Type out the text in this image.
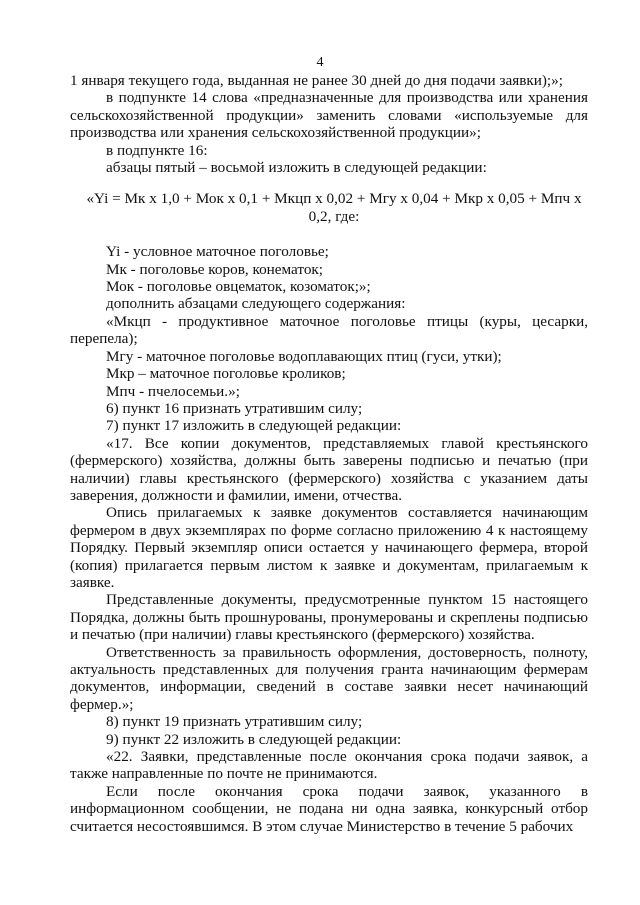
4

1 января текущего года, выданная не ранее 30 дней до дня подачи заявки);»;

в подпункте 14 слова «предназначенные для производства или хранения сельскохозяйственной продукции» заменить словами «используемые для производства или хранения сельскохозяйственной продукции»;

в подпункте 16:

абзацы пятый – восьмой изложить в следующей редакции:

«Yi = Мк x 1,0 + Мок x 0,1 + Мкцп x 0,02 + Мгу x 0,04 + Мкр x 0,05 + Мпч x 0,2, где:

Yi - условное маточное поголовье;

Мк - поголовье коров, конематок;

Мок - поголовье овцематок, козоматок;»;

дополнить абзацами следующего содержания:

«Мкцп - продуктивное маточное поголовье птицы (куры, цесарки, перепела);

Мгу - маточное поголовье водоплавающих птиц (гуси, утки);

Мкр – маточное поголовье кроликов;

Мпч - пчелосемьи.»;

6) пункт 16 признать утратившим силу;

7) пункт 17 изложить в следующей редакции:

«17. Все копии документов, представляемых главой крестьянского (фермерского) хозяйства, должны быть заверены подписью и печатью (при наличии) главы крестьянского (фермерского) хозяйства с указанием даты заверения, должности и фамилии, имени, отчества.

Опись прилагаемых к заявке документов составляется начинающим фермером в двух экземплярах по форме согласно приложению 4 к настоящему Порядку. Первый экземпляр описи остается у начинающего фермера, второй (копия) прилагается первым листом к заявке и документам, прилагаемым к заявке.

Представленные документы, предусмотренные пунктом 15 настоящего Порядка, должны быть прошнурованы, пронумерованы и скреплены подписью и печатью (при наличии) главы крестьянского (фермерского) хозяйства.

Ответственность за правильность оформления, достоверность, полноту, актуальность представленных для получения гранта начинающим фермерам документов, информации, сведений в составе заявки несет начинающий фермер.»;

8) пункт 19 признать утратившим силу;

9) пункт 22 изложить в следующей редакции:

«22. Заявки, представленные после окончания срока подачи заявок, а также направленные по почте не принимаются.

Если после окончания срока подачи заявок, указанного в информационном сообщении, не подана ни одна заявка, конкурсный отбор считается несостоявшимся. В этом случае Министерство в течение 5 рабочих
